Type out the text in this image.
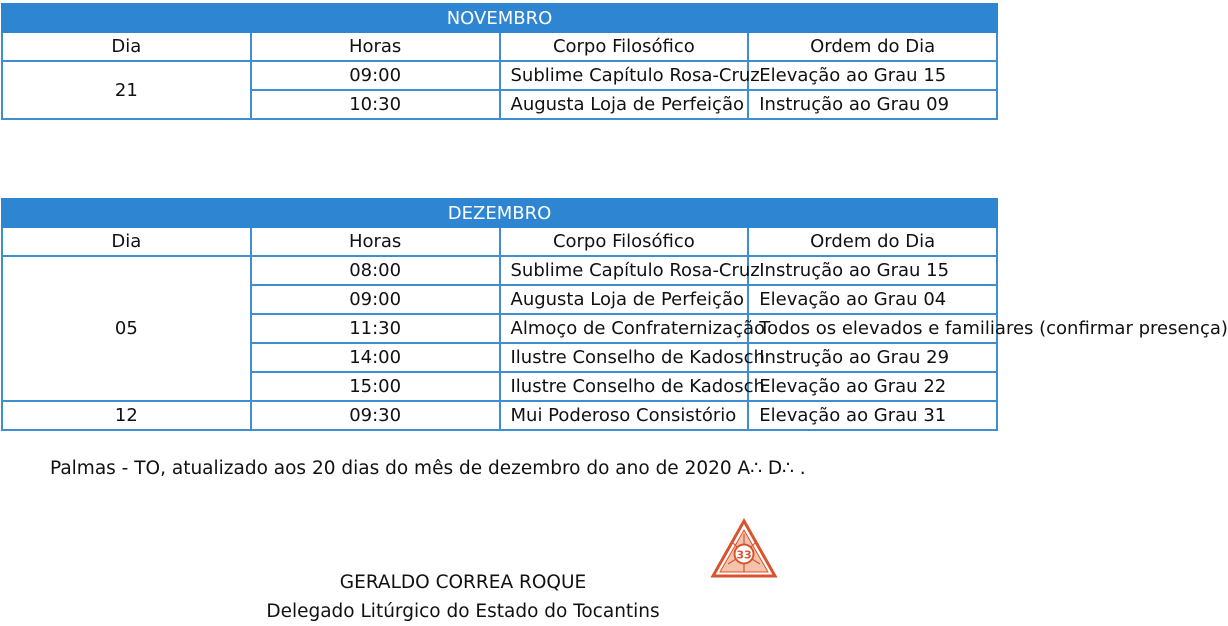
NOVEMBRO			
Dia	Horas	Corpo Filosófico	Ordem do Dia
21	09:00	Sublime Capítulo Rosa-Cruz	Elevação ao Grau 15
	10:30	Augusta Loja de Perfeição	Instrução ao Grau 09
DEZEMBRO			
Dia	Horas	Corpo Filosófico	Ordem do Dia
05	08:00	Sublime Capítulo Rosa-Cruz	Instrução ao Grau 15
	09:00	Augusta Loja de Perfeição	Elevação ao Grau 04
	11:30	Almoço de Confraternização	Todos os elevados e familiares (confirmar presença)
	14:00	Ilustre Conselho de Kadosch	Instrução ao Grau 29
	15:00	Ilustre Conselho de Kadosch	Elevação ao Grau 22
12	09:30	Mui Poderoso Consistório	Elevação ao Grau 31
Palmas - TO, atualizado aos 20 dias do mês de dezembro do ano de 2020 A∴ D∴ .
33
GERALDO CORREA ROQUE
Delegado Litúrgico do Estado do Tocantins
